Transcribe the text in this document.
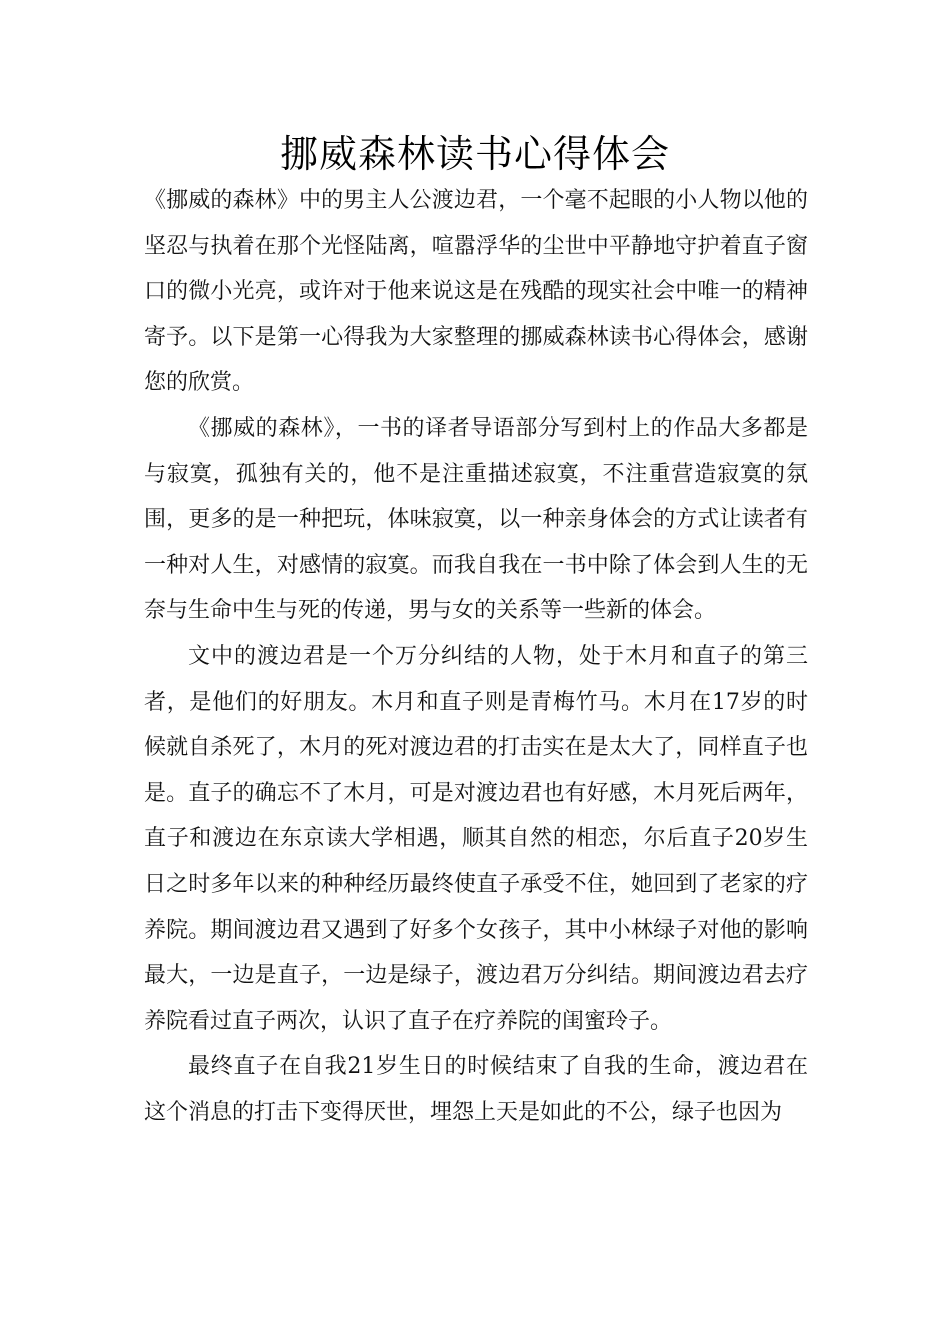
挪威森林读书心得体会

《挪威的森林》中的男主人公渡边君，一个毫不起眼的小人物以他的坚忍与执着在那个光怪陆离，喧嚣浮华的尘世中平静地守护着直子窗口的微小光亮，或许对于他来说这是在残酷的现实社会中唯一的精神寄予。以下是第一心得我为大家整理的挪威森林读书心得体会，感谢您的欣赏。

《挪威的森林》，一书的译者导语部分写到村上的作品大多都是与寂寞，孤独有关的，他不是注重描述寂寞，不注重营造寂寞的氛围，更多的是一种把玩，体味寂寞，以一种亲身体会的方式让读者有一种对人生，对感情的寂寞。而我自我在一书中除了体会到人生的无奈与生命中生与死的传递，男与女的关系等一些新的体会。

文中的渡边君是一个万分纠结的人物，处于木月和直子的第三者，是他们的好朋友。木月和直子则是青梅竹马。木月在17岁的时候就自杀死了，木月的死对渡边君的打击实在是太大了，同样直子也是。直子的确忘不了木月，可是对渡边君也有好感，木月死后两年，直子和渡边在东京读大学相遇，顺其自然的相恋，尔后直子20岁生日之时多年以来的种种经历最终使直子承受不住，她回到了老家的疗养院。期间渡边君又遇到了好多个女孩子，其中小林绿子对他的影响最大，一边是直子，一边是绿子，渡边君万分纠结。期间渡边君去疗养院看过直子两次，认识了直子在疗养院的闺蜜玲子。

最终直子在自我21岁生日的时候结束了自我的生命，渡边君在这个消息的打击下变得厌世，埋怨上天是如此的不公，绿子也因为
